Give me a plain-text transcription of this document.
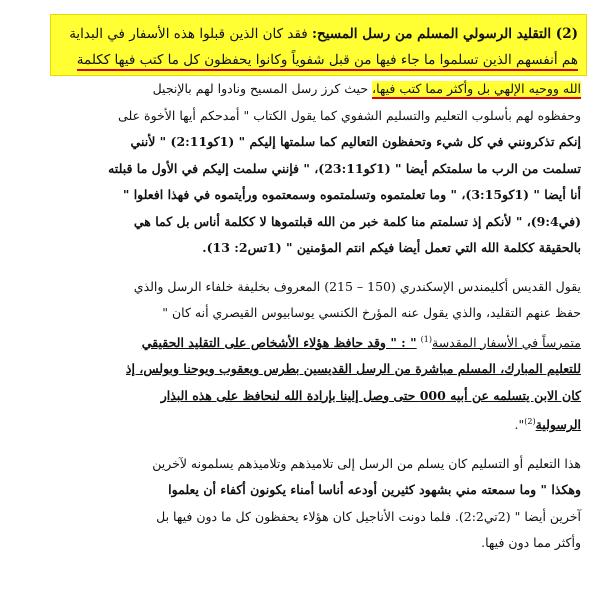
(2) التقليد الرسولي المسلم من رسل المسيح: فقد كان الذين قبلوا هذه الأسفار في البداية
هم أنفسهم الذين تسلموا ما جاء فيها من قبل شفوياً وكانوا يحفظون كل ما كتب فيها ككلمة
الله ووحيه الإلهي بل وأكثر مما كتب فيها، حيث كرز رسل المسيح ونادوا لهم بالإنجيل
وحفظوه لهم بأسلوب التعليم والتسليم الشفوي كما يقول الكتاب " أمدحكم أيها الأخوة على
إنكم تذكرونني في كل شيء وتحفظون التعاليم كما سلمتها إليكم " (1كو2:11) " لأنني
تسلمت من الرب ما سلمتكم أيضا " (1كو23:11)، " فإنني سلمت إليكم في الأول ما قبلته
أنا أيضا " (1كو3:15)، " وما تعلمتموه وتسلمتموه وسمعتموه ورأيتموه في فهذا افعلوا "
(في9:4)، " لأنكم إذ تسلمتم منا كلمة خبر من الله قبلتموها لا ككلمة أناس بل كما هي
بالحقيقة ككلمة الله التي تعمل أيضا فيكم انتم المؤمنين " (1تس2: 13).
يقول القديس أكليمندس الإسكندري (150 – 215) المعروف بخليفة خلفاء الرسل والذي
حفظ عنهم التقليد، والذي يقول عنه المؤرخ الكنسي يوسابيوس القيصري أنه كان "
متمرساً في الأسفار المقدسة$^{(1)}$ " : " وقد حافظ هؤلاء الأشخاص على التقليد الحقيقي
للتعليم المبارك، المسلم مباشرة من الرسل القديسين بطرس ويعقوب ويوحنا وبولس، إذ
كان الابن يتسلمه عن أبيه 000 حتى وصل إلينا بإرادة الله لنحافظ على هذه البذار
الرسولية$^{(2)}$".
هذا التعليم أو التسليم كان يسلم من الرسل إلى تلاميذهم وتلاميذهم يسلمونه لآخرين
وهكذا " وما سمعته مني بشهود كثيرين أودعه أناسا أمناء يكونون أكفاء أن يعلموا
آخرين أيضا " (2تي2:2). فلما دونت الأناجيل كان هؤلاء يحفظون كل ما دون فيها بل
وأكثر مما دون فيها.
